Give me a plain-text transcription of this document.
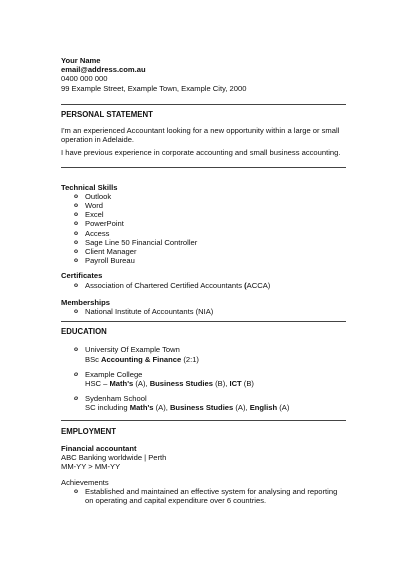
Your Name
email@address.com.au
0400 000 000
99 Example Street, Example Town, Example City, 2000
PERSONAL STATEMENT

I'm an experienced Accountant looking for a new opportunity within a large or small operation in Adelaide.

I have previous experience in corporate accounting and small business accounting.

Technical Skills
o Outlook
o Word
o Excel
o PowerPoint
o Access
o Sage Line 50 Financial Controller
o Client Manager
o Payroll Bureau
Certificates
o Association of Chartered Certified Accountants (ACCA)
Memberships
o National Institute of Accountants (NIA)
EDUCATION
o University Of Example Town
BSc Accounting & Finance (2:1)
o Example College
HSC – Math's (A), Business Studies (B), ICT (B)
o Sydenham School
SC including Math's (A), Business Studies (A), English (A)
EMPLOYMENT
Financial accountant
ABC Banking worldwide | Perth
MM-YY > MM-YY
Achievements
o Established and maintained an effective system for analysing and reporting on operating and capital expenditure over 6 countries.
